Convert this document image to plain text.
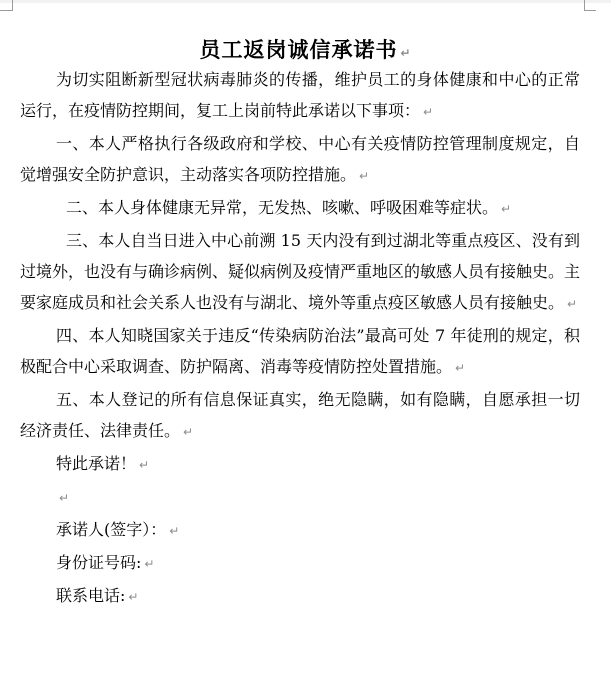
员工返岗诚信承诺书 ↵

为切实阻断新型冠状病毒肺炎的传播，维护员工的身体健康和中心的正常运行，在疫情防控期间，复工上岗前特此承诺以下事项： ↵

一、本人严格执行各级政府和学校、中心有关疫情防控管理制度规定，自觉增强安全防护意识，主动落实各项防控措施。 ↵

二、本人身体健康无异常，无发热、咳嗽、呼吸困难等症状。 ↵

三、本人自当日进入中心前溯 15 天内没有到过湖北等重点疫区、没有到过境外，也没有与确诊病例、疑似病例及疫情严重地区的敏感人员有接触史。主要家庭成员和社会关系人也没有与湖北、境外等重点疫区敏感人员有接触史。 ↵

四、本人知晓国家关于违反“传染病防治法”最高可处 7 年徒刑的规定，积极配合中心采取调查、防护隔离、消毒等疫情防控处置措施。 ↵

五、本人登记的所有信息保证真实，绝无隐瞒，如有隐瞒，自愿承担一切经济责任、法律责任。 ↵

特此承诺！ ↵

↵

承诺人(签字）： ↵

身份证号码: ↵

联系电话: ↵
